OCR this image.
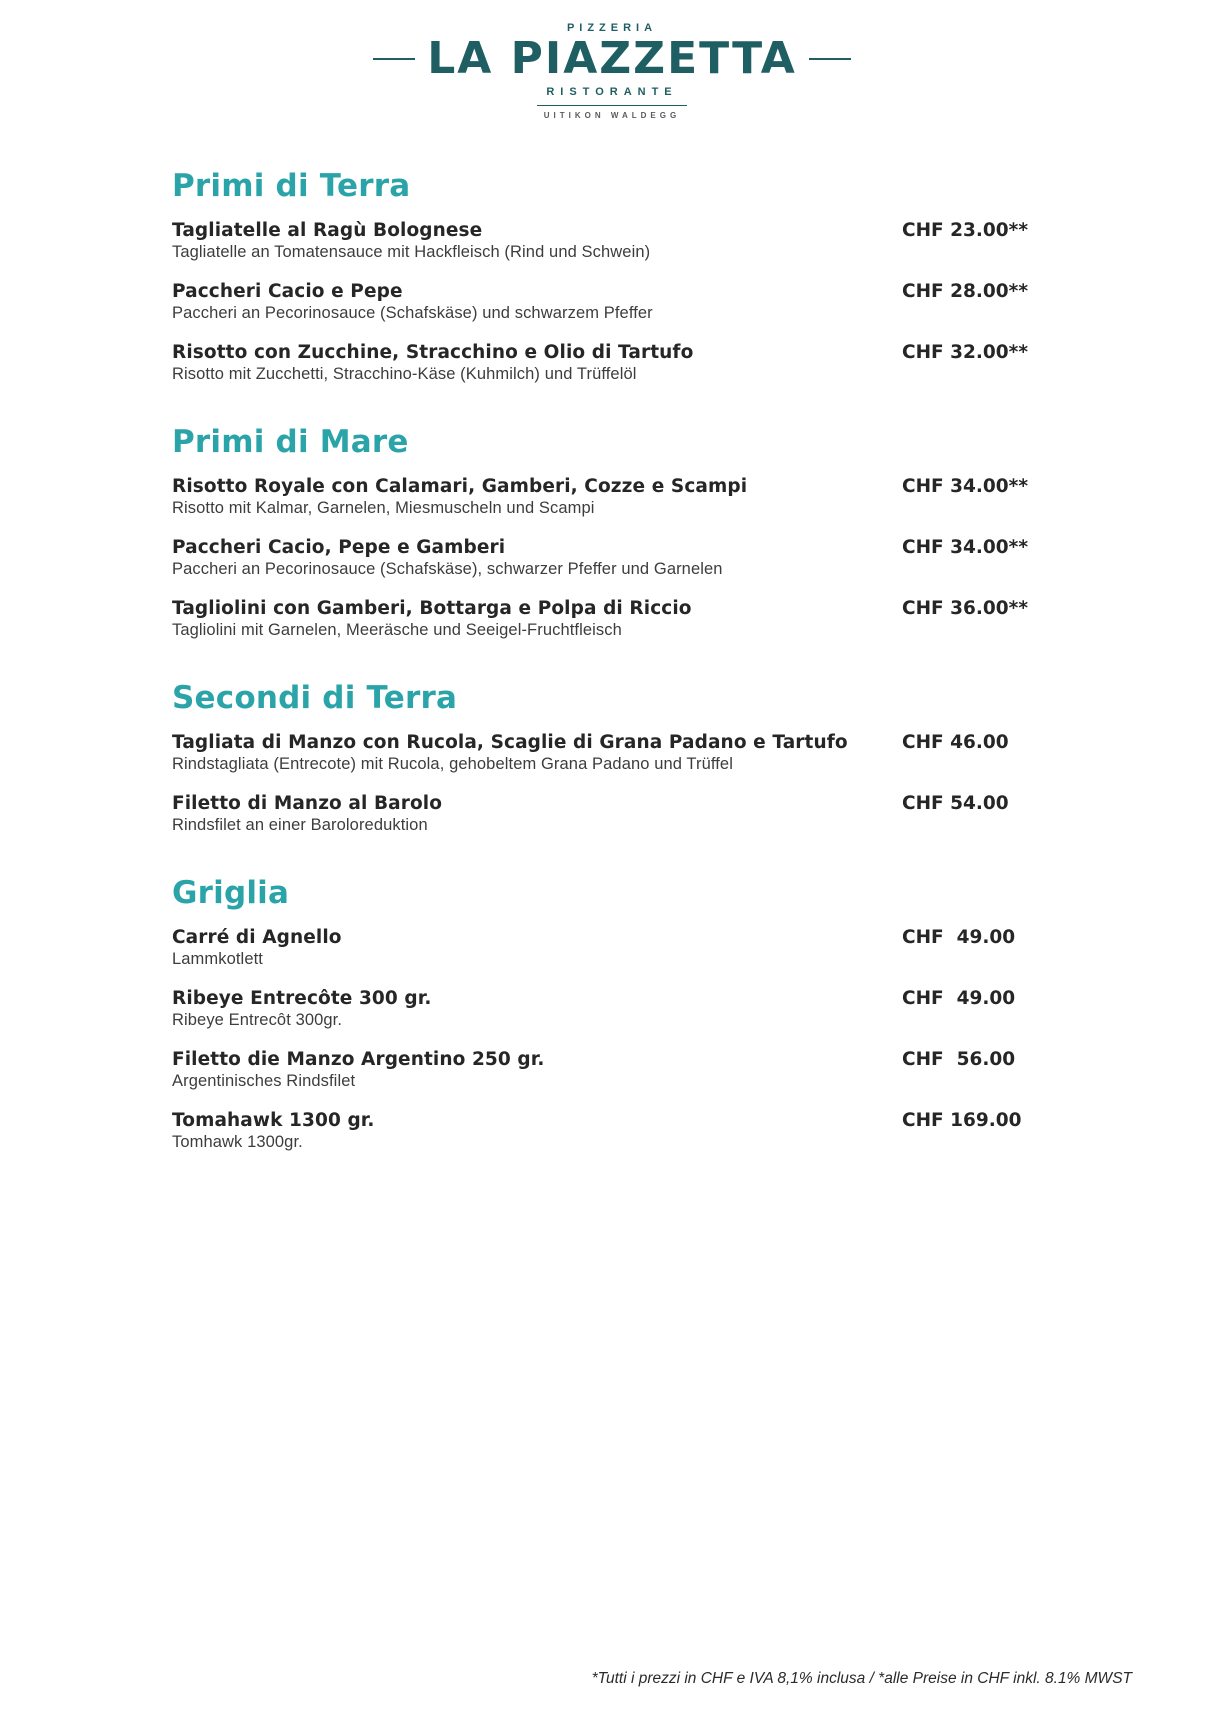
PIZZERIA
LA PIAZZETTA
RISTORANTE
UITIKON WALDEGG
Primi di Terra
Tagliatelle al Ragù Bolognese	CHF 23.00**
Tagliatelle an Tomatensauce mit Hackfleisch (Rind und Schwein)
Paccheri Cacio e Pepe	CHF 28.00**
Paccheri an Pecorinosauce (Schafskäse) und schwarzem Pfeffer
Risotto con Zucchine, Stracchino e Olio di Tartufo	CHF 32.00**
Risotto mit Zucchetti, Stracchino-Käse (Kuhmilch) und Trüffelöl
Primi di Mare
Risotto Royale con Calamari, Gamberi, Cozze e Scampi	CHF 34.00**
Risotto mit Kalmar, Garnelen, Miesmuscheln und Scampi
Paccheri Cacio, Pepe e Gamberi	CHF 34.00**
Paccheri an Pecorinosauce (Schafskäse), schwarzer Pfeffer und Garnelen
Tagliolini con Gamberi, Bottarga e Polpa di Riccio	CHF 36.00**
Tagliolini mit Garnelen, Meeräsche und Seeigel-Fruchtfleisch
Secondi di Terra
Tagliata di Manzo con Rucola, Scaglie di Grana Padano e Tartufo	CHF 46.00
Rindstagliata (Entrecote) mit Rucola, gehobeltem Grana Padano und Trüffel
Filetto di Manzo al Barolo	CHF 54.00
Rindsfilet an einer Baroloreduktion
Griglia
Carré di Agnello	CHF  49.00
Lammkotlett
Ribeye Entrecôte 300 gr.	CHF  49.00
Ribeye Entrecôt 300gr.
Filetto die Manzo Argentino 250 gr.	CHF  56.00
Argentinisches Rindsfilet
Tomahawk 1300 gr.	CHF 169.00
Tomhawk 1300gr.
*Tutti i prezzi in CHF e IVA 8,1% inclusa / *alle Preise in CHF inkl. 8.1% MWST
